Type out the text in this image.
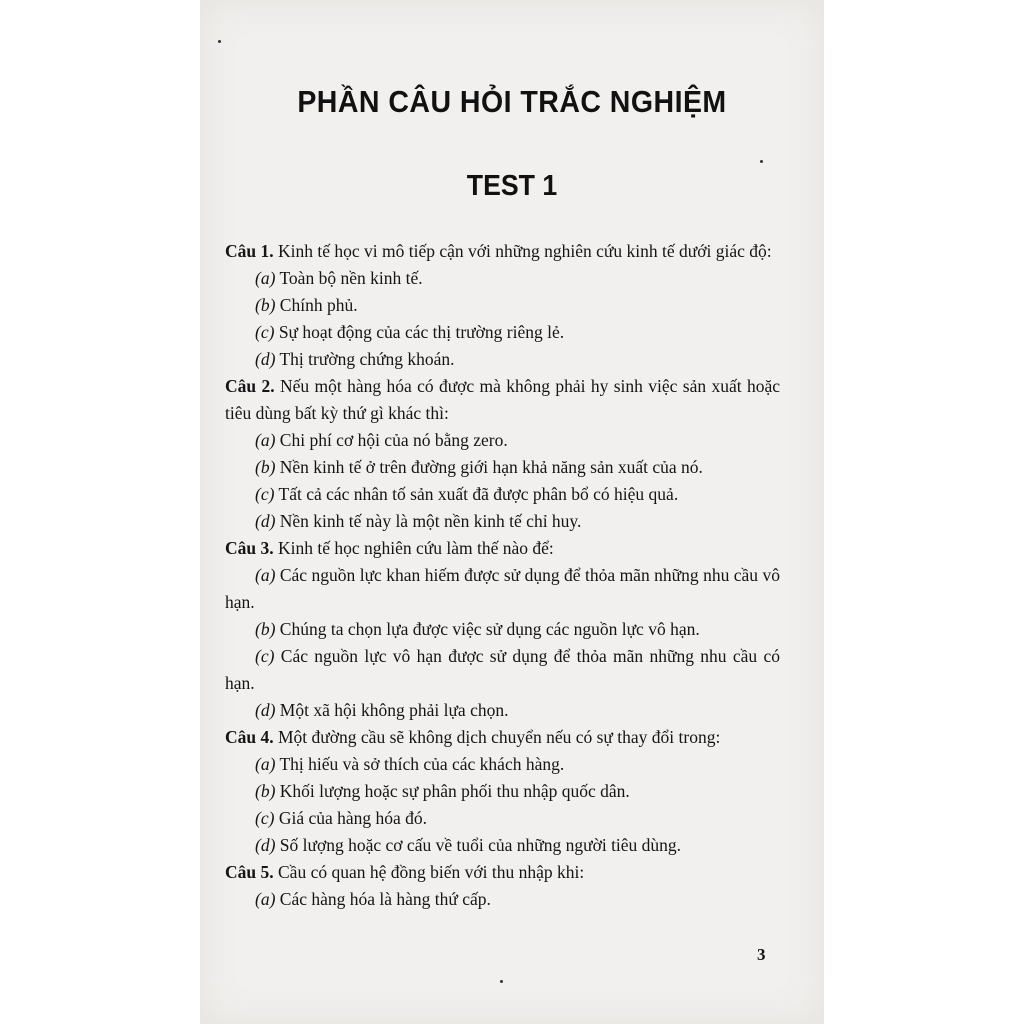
PHẦN CÂU HỎI TRẮC NGHIỆM
TEST 1
Câu 1. Kinh tế học vi mô tiếp cận với những nghiên cứu kinh tế dưới giác độ:
(a) Toàn bộ nền kinh tế.
(b) Chính phủ.
(c) Sự hoạt động của các thị trường riêng lẻ.
(d) Thị trường chứng khoán.
Câu 2. Nếu một hàng hóa có được mà không phải hy sinh việc sản xuất hoặc tiêu dùng bất kỳ thứ gì khác thì:
(a) Chi phí cơ hội của nó bằng zero.
(b) Nền kinh tế ở trên đường giới hạn khả năng sản xuất của nó.
(c) Tất cả các nhân tố sản xuất đã được phân bổ có hiệu quả.
(d) Nền kinh tế này là một nền kinh tế chỉ huy.
Câu 3. Kinh tế học nghiên cứu làm thế nào để:
(a) Các nguồn lực khan hiếm được sử dụng để thỏa mãn những nhu cầu vô hạn.
(b) Chúng ta chọn lựa được việc sử dụng các nguồn lực vô hạn.
(c) Các nguồn lực vô hạn được sử dụng để thỏa mãn những nhu cầu có hạn.
(d) Một xã hội không phải lựa chọn.
Câu 4. Một đường cầu sẽ không dịch chuyển nếu có sự thay đổi trong:
(a) Thị hiếu và sở thích của các khách hàng.
(b) Khối lượng hoặc sự phân phối thu nhập quốc dân.
(c) Giá của hàng hóa đó.
(d) Số lượng hoặc cơ cấu về tuổi của những người tiêu dùng.
Câu 5. Cầu có quan hệ đồng biến với thu nhập khi:
(a) Các hàng hóa là hàng thứ cấp.
3
